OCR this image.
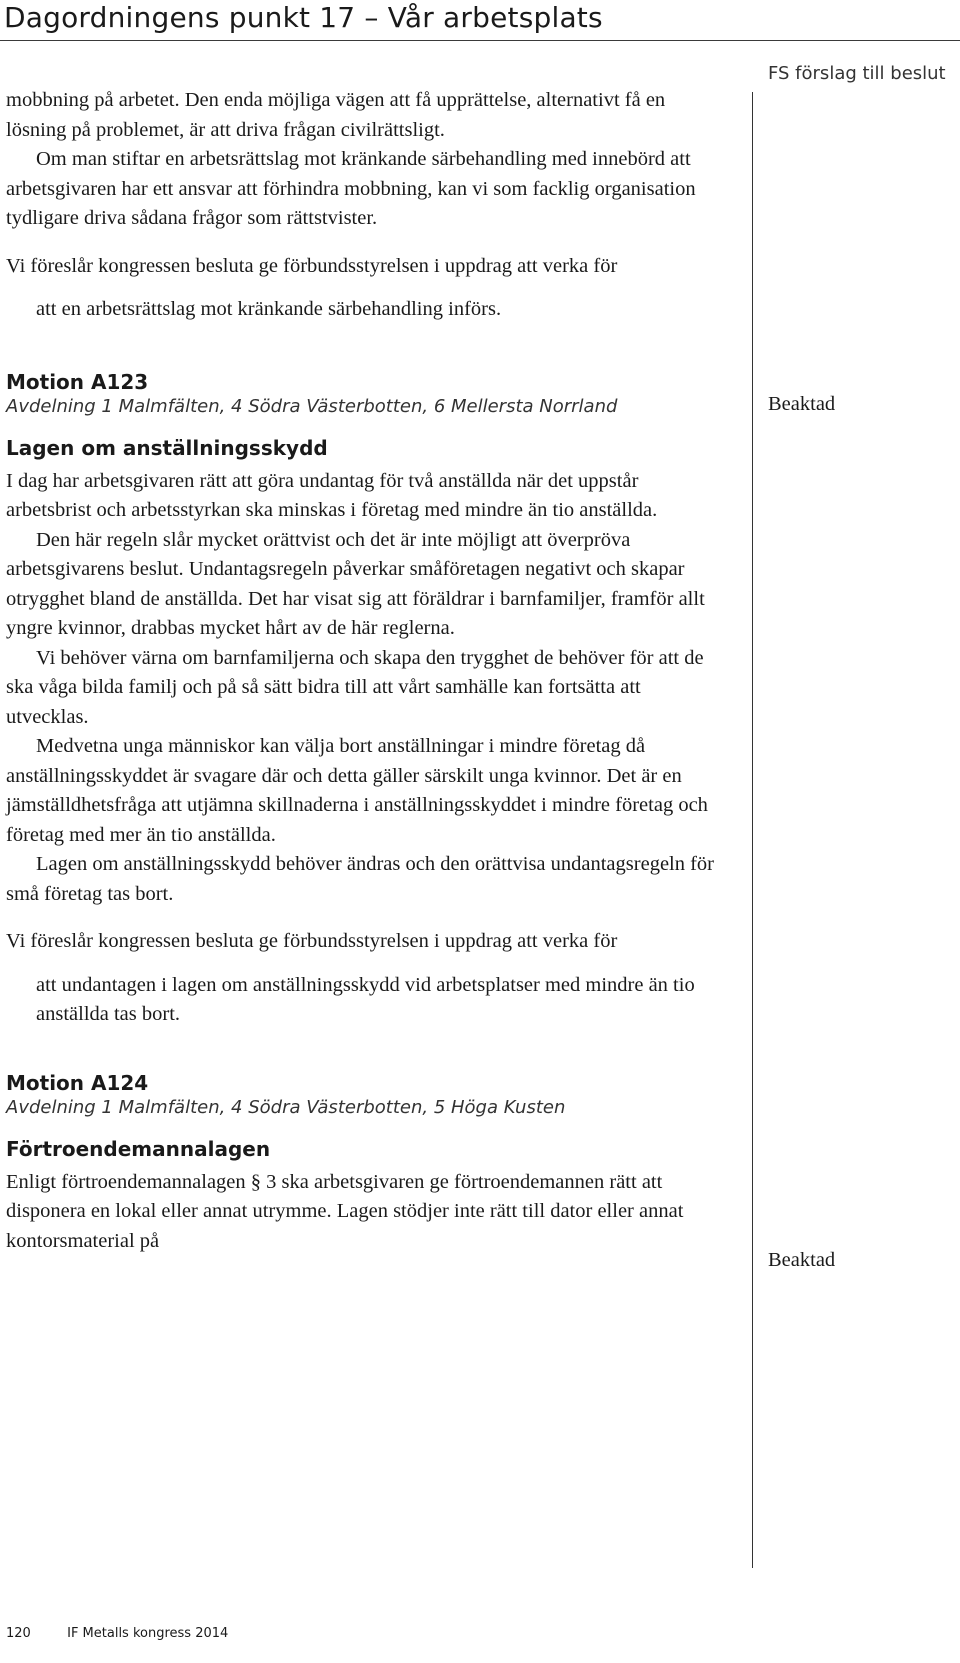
Dagordningens punkt 17 – Vår arbetsplats
FS förslag till beslut

mobbning på arbetet. Den enda möjliga vägen att få upprättelse, alternativt få en lösning på problemet, är att driva frågan civilrättsligt.

Om man stiftar en arbetsrättslag mot kränkande särbehandling med innebörd att arbetsgivaren har ett ansvar att förhindra mobbning, kan vi som facklig organisation tydligare driva sådana frågor som rättstvister.

Vi föreslår kongressen besluta ge förbundsstyrelsen i uppdrag att verka för

att en arbetsrättslag mot kränkande särbehandling införs.

Motion A123

Avdelning 1 Malmfälten, 4 Södra Västerbotten, 6 Mellersta Norrland

Lagen om anställningsskydd

I dag har arbetsgivaren rätt att göra undantag för två anställda när det uppstår arbetsbrist och arbetsstyrkan ska minskas i företag med mindre än tio anställda.

Den här regeln slår mycket orättvist och det är inte möjligt att överpröva arbetsgivarens beslut. Undantagsregeln påverkar småföretagen negativt och skapar otrygghet bland de anställda. Det har visat sig att föräldrar i barnfamiljer, framför allt yngre kvinnor, drabbas mycket hårt av de här reglerna.

Vi behöver värna om barnfamiljerna och skapa den trygghet de behöver för att de ska våga bilda familj och på så sätt bidra till att vårt samhälle kan fortsätta att utvecklas.

Medvetna unga människor kan välja bort anställningar i mindre företag då anställningsskyddet är svagare där och detta gäller särskilt unga kvinnor. Det är en jämställdhetsfråga att utjämna skillnaderna i anställningsskyddet i mindre företag och företag med mer än tio anställda.

Lagen om anställningsskydd behöver ändras och den orättvisa undantagsregeln för små företag tas bort.

Vi föreslår kongressen besluta ge förbundsstyrelsen i uppdrag att verka för

att undantagen i lagen om anställningsskydd vid arbetsplatser med mindre än tio anställda tas bort.

Motion A124

Avdelning 1 Malmfälten, 4 Södra Västerbotten, 5 Höga Kusten

Förtroendemannalagen

Enligt förtroendemannalagen § 3 ska arbetsgivaren ge förtroendemannen rätt att disponera en lokal eller annat utrymme. Lagen stödjer inte rätt till dator eller annat kontorsmaterial på

Beaktad
Beaktad
120	IF Metalls kongress 2014
